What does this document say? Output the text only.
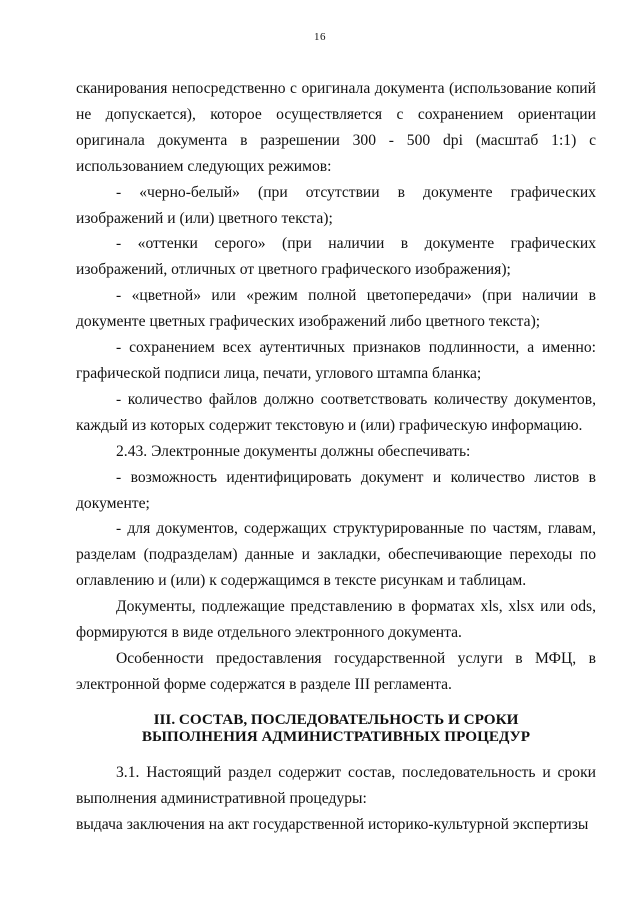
16

сканирования непосредственно с оригинала документа (использование копий не допускается), которое осуществляется с сохранением ориентации оригинала документа в разрешении 300 - 500 dpi (масштаб 1:1) с использованием следующих режимов:

- «черно-белый» (при отсутствии в документе графических изображений и (или) цветного текста);

- «оттенки серого» (при наличии в документе графических изображений, отличных от цветного графического изображения);

- «цветной» или «режим полной цветопередачи» (при наличии в документе цветных графических изображений либо цветного текста);

- сохранением всех аутентичных признаков подлинности, а именно: графической подписи лица, печати, углового штампа бланка;

- количество файлов должно соответствовать количеству документов, каждый из которых содержит текстовую и (или) графическую информацию.

2.43. Электронные документы должны обеспечивать:

- возможность идентифицировать документ и количество листов в документе;

- для документов, содержащих структурированные по частям, главам, разделам (подразделам) данные и закладки, обеспечивающие переходы по оглавлению и (или) к содержащимся в тексте рисункам и таблицам.

Документы, подлежащие представлению в форматах xls, xlsx или ods, формируются в виде отдельного электронного документа.

Особенности предоставления государственной услуги в МФЦ, в электронной форме содержатся в разделе III регламента.

III. СОСТАВ, ПОСЛЕДОВАТЕЛЬНОСТЬ И СРОКИ
ВЫПОЛНЕНИЯ АДМИНИСТРАТИВНЫХ ПРОЦЕДУР

3.1. Настоящий раздел содержит состав, последовательность и сроки выполнения административной процедуры:

выдача заключения на акт государственной историко-культурной экспертизы
